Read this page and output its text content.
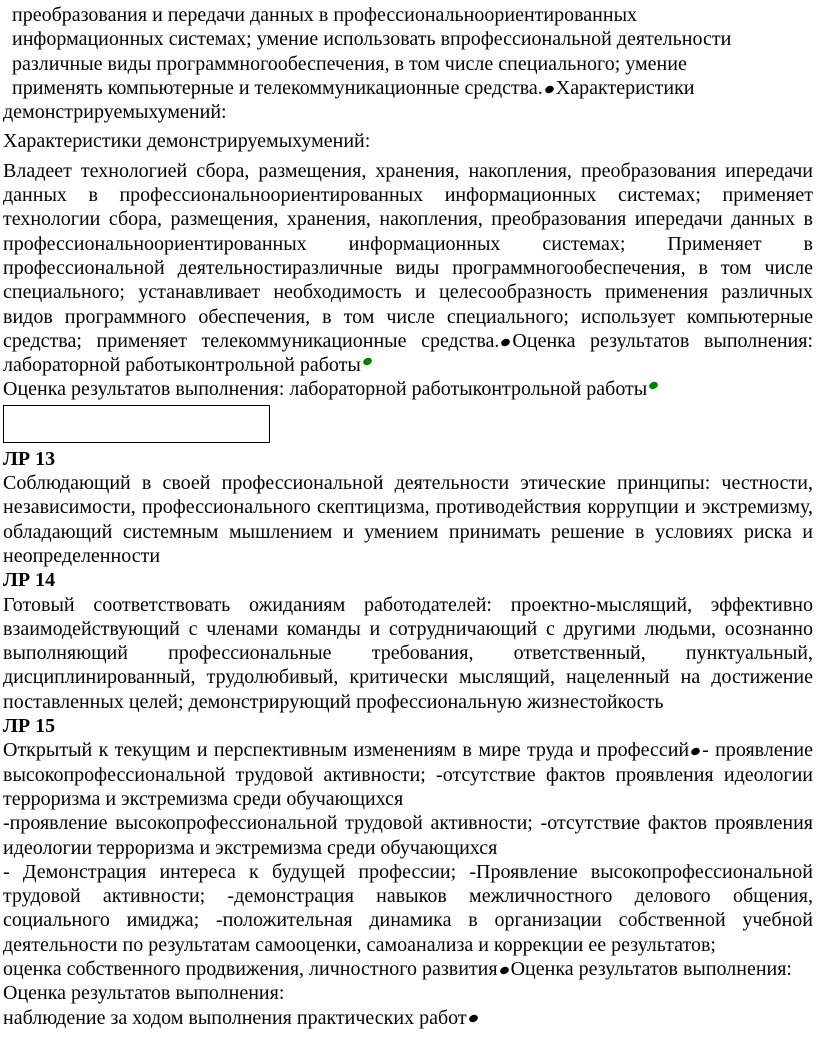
преобразования и передачи данных в профессиональноориентированных

информационных системах; умение использовать впрофессиональной деятельности

различные виды программногообеспечения, в том числе специального; умение

применять компьютерные и телекоммуникационные средства. Характеристики

демонстрируемыхумений:

Характеристики демонстрируемыхумений:

Владеет технологией сбора, размещения, хранения, накопления, преобразования ипередачи данных в профессиональноориентированных информационных системах; применяет технологии сбора, размещения, хранения, накопления, преобразования ипередачи данных в профессиональноориентированных информационных системах; Применяет в профессиональной деятельностиразличные виды программногообеспечения, в том числе специального; устанавливает необходимость и целесообразность применения различных видов программного обеспечения, в том числе специального; использует компьютерные средства; применяет телекоммуникационные средства. Оценка результатов выполнения: лабораторной работыконтрольной работы

Оценка результатов выполнения: лабораторной работыконтрольной работы

ЛР 13

Соблюдающий в своей профессиональной деятельности этические принципы: честности, независимости, профессионального скептицизма, противодействия коррупции и экстремизму, обладающий системным мышлением и умением принимать решение в условиях риска и неопределенности

ЛР 14

Готовый соответствовать ожиданиям работодателей: проектно-мыслящий, эффективно взаимодействующий с членами команды и сотрудничающий с другими людьми, осознанно выполняющий профессиональные требования, ответственный, пунктуальный, дисциплинированный, трудолюбивый, критически мыслящий, нацеленный на достижение поставленных целей; демонстрирующий профессиональную жизнестойкость

ЛР 15

Открытый к текущим и перспективным изменениям в мире труда и профессий - проявление высокопрофессиональной трудовой активности; -отсутствие фактов проявления идеологии терроризма и экстремизма среди обучающихся

-проявление высокопрофессиональной трудовой активности; -отсутствие фактов проявления идеологии терроризма и экстремизма среди обучающихся

- Демонстрация интереса к будущей профессии; -Проявление высокопрофессиональной трудовой активности; -демонстрация навыков межличностного делового общения, социального имиджа; -положительная динамика в организации собственной учебной деятельности по результатам самооценки, самоанализа и коррекции ее результатов;

оценка собственного продвижения, личностного развития Оценка результатов выполнения:

Оценка результатов выполнения:

наблюдение за ходом выполнения практических работ
